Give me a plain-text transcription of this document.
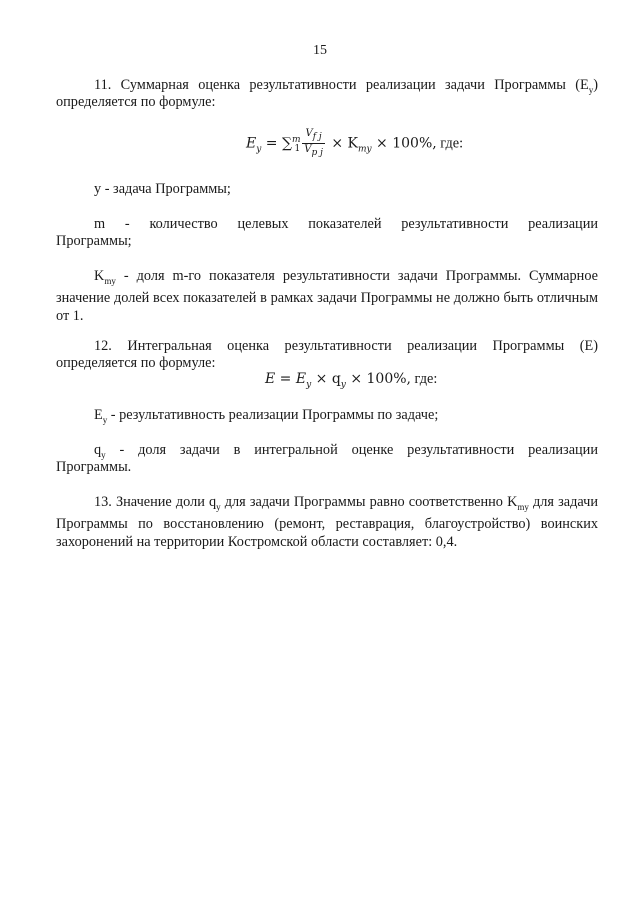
15

11. Суммарная оценка результативности реализации задачи Программы $(E_у)$

определяется по формуле:

$E_y = \sum^m_1 \frac{V_{f j}}{V_{p j}} \times K_{my} \times 100\%$, где:

у - задача Программы;

m - количество целевых показателей результативности реализации

Программы;

$K_{my}$ - доля m-го показателя результативности задачи Программы. Суммарное значение долей всех показателей в рамках задачи Программы не должно быть отличным от 1.

12. Интегральная оценка результативности реализации Программы (E)

определяется по формуле:

$E = E_y \times q_y \times 100\%$, где:

$E_у$ - результативность реализации Программы по задаче;

$q_у$ - доля задачи в интегральной оценке результативности реализации

Программы.

13. Значение доли $q_у$ для задачи Программы равно соответственно $K_{my}$ для задачи Программы по восстановлению (ремонт, реставрация, благоустройство) воинских захоронений на территории Костромской области составляет: 0,4.
